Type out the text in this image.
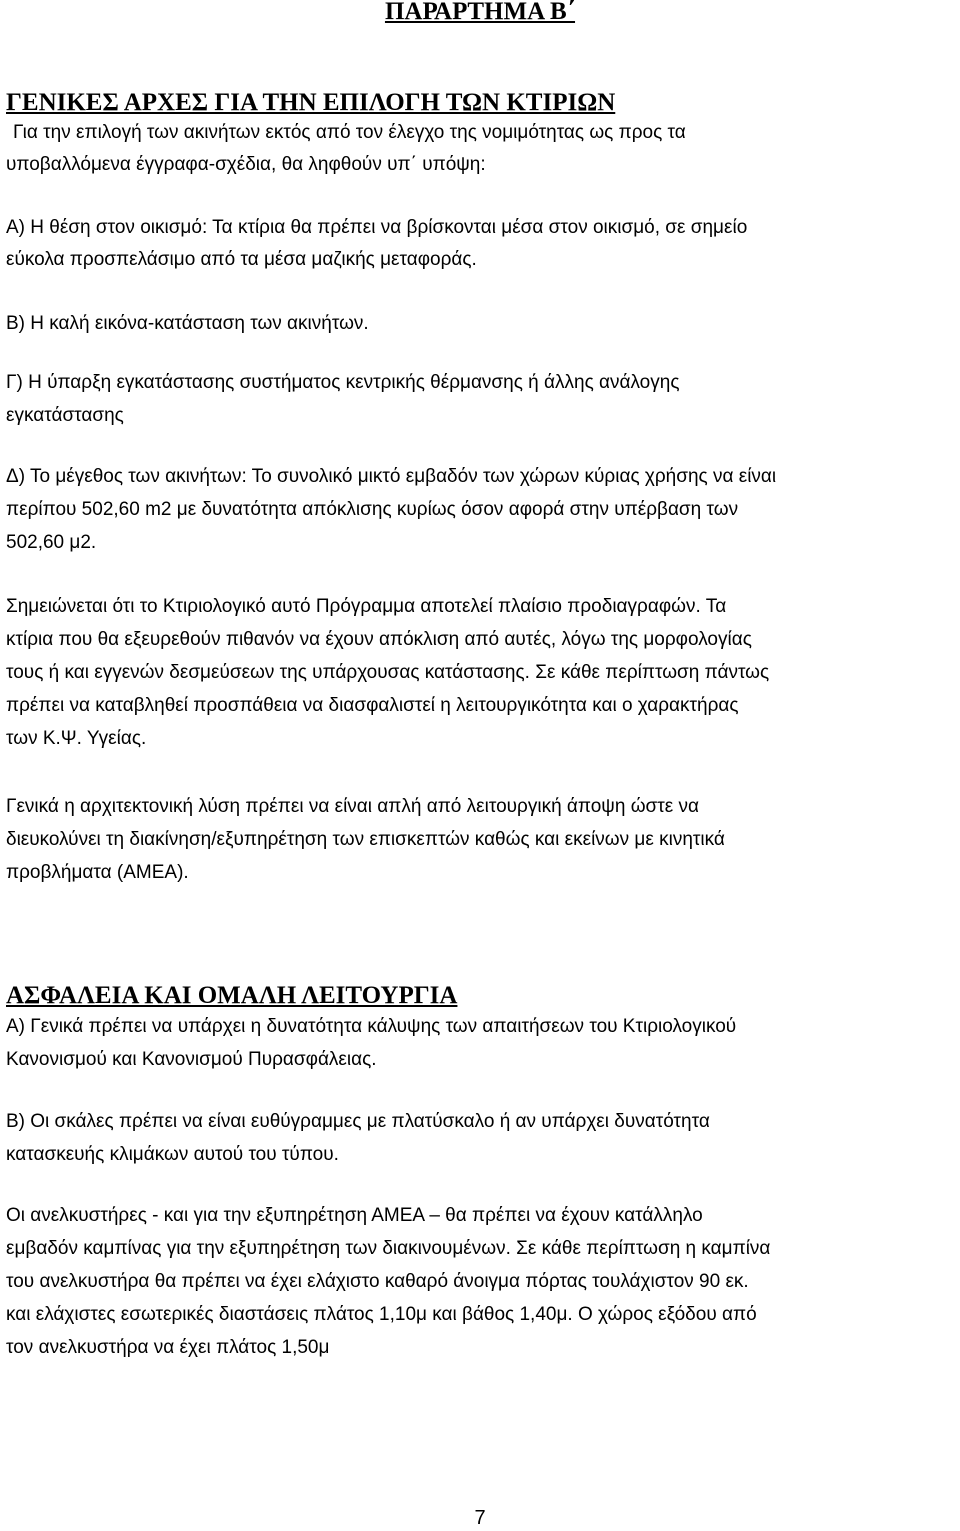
ΠΑΡΑΡΤΗΜΑ Β΄
ΓΕΝΙΚΕΣ ΑΡΧΕΣ ΓΙΑ ΤΗΝ ΕΠΙΛΟΓΗ ΤΩΝ ΚΤΙΡΙΩΝ

Για την επιλογή των ακινήτων εκτός από τον έλεγχο της νομιμότητας ως προς τα
υποβαλλόμενα έγγραφα-σχέδια, θα ληφθούν υπ΄ υπόψη:

Α) Η θέση στον οικισμό: Τα κτίρια θα πρέπει να βρίσκονται μέσα στον οικισμό, σε σημείο
εύκολα προσπελάσιμο από τα μέσα μαζικής μεταφοράς.

Β) Η καλή εικόνα-κατάσταση των ακινήτων.

Γ) Η ύπαρξη εγκατάστασης συστήματος κεντρικής θέρμανσης ή άλλης ανάλογης
εγκατάστασης

Δ) Το μέγεθος των ακινήτων: Το συνολικό μικτό εμβαδόν των χώρων κύριας χρήσης να είναι
περίπου 502,60 m2 με δυνατότητα απόκλισης κυρίως όσον αφορά στην υπέρβαση των
502,60 μ2.

Σημειώνεται ότι το Κτιριολογικό αυτό Πρόγραμμα αποτελεί πλαίσιο προδιαγραφών. Τα
κτίρια που θα εξευρεθούν πιθανόν να έχουν απόκλιση από αυτές, λόγω της μορφολογίας
τους ή και εγγενών δεσμεύσεων της υπάρχουσας κατάστασης. Σε κάθε περίπτωση πάντως
πρέπει να καταβληθεί προσπάθεια να διασφαλιστεί η λειτουργικότητα και ο χαρακτήρας
των Κ.Ψ. Υγείας.

Γενικά η αρχιτεκτονική λύση πρέπει να είναι απλή από λειτουργική άποψη ώστε να
διευκολύνει τη διακίνηση/εξυπηρέτηση των επισκεπτών καθώς και εκείνων με κινητικά
προβλήματα (ΑΜΕΑ).

ΑΣΦΑΛΕΙΑ ΚΑΙ ΟΜΑΛΗ ΛΕΙΤΟΥΡΓΙΑ

Α) Γενικά πρέπει να υπάρχει η δυνατότητα κάλυψης των απαιτήσεων του Κτιριολογικού
Κανονισμού και Κανονισμού Πυρασφάλειας.

Β) Οι σκάλες πρέπει να είναι ευθύγραμμες με πλατύσκαλο ή αν υπάρχει δυνατότητα
κατασκευής κλιμάκων αυτού του τύπου.

Οι ανελκυστήρες - και για την εξυπηρέτηση ΑΜΕΑ – θα πρέπει να έχουν κατάλληλο
εμβαδόν καμπίνας για την εξυπηρέτηση των διακινουμένων. Σε κάθε περίπτωση η καμπίνα
του ανελκυστήρα θα πρέπει να έχει ελάχιστο καθαρό άνοιγμα πόρτας τουλάχιστον 90 εκ.
και ελάχιστες εσωτερικές διαστάσεις πλάτος 1,10μ και βάθος 1,40μ. Ο χώρος εξόδου από
τον ανελκυστήρα να έχει πλάτος 1,50μ

7
